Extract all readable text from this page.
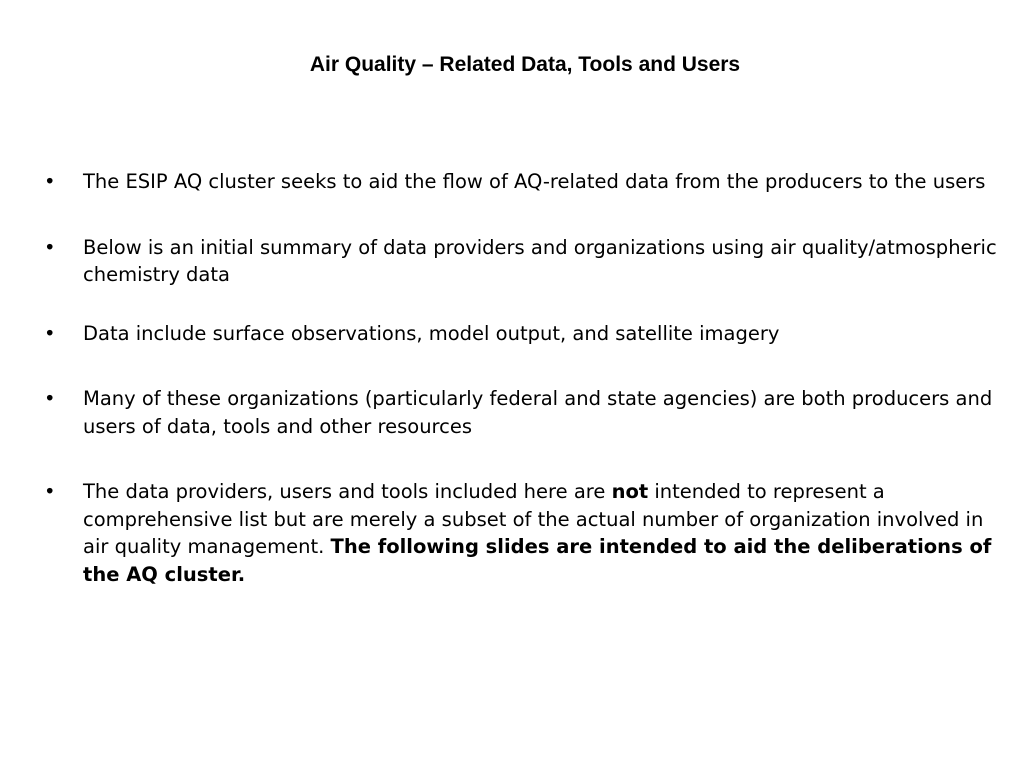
Air Quality – Related Data, Tools and Users
•	The ESIP AQ cluster seeks to aid the flow of AQ-related data from the producers to the users
•	Below is an initial summary of data providers and organizations using air quality/atmospheric chemistry data
•	Data include surface observations, model output, and satellite imagery
•	Many of these organizations (particularly federal and state agencies) are both producers and users of data, tools and other resources
•	The data providers, users and tools included here are not intended to represent a comprehensive list but are merely a subset of the actual number of organization involved in air quality management. The following slides are intended to aid the deliberations of the AQ cluster.
